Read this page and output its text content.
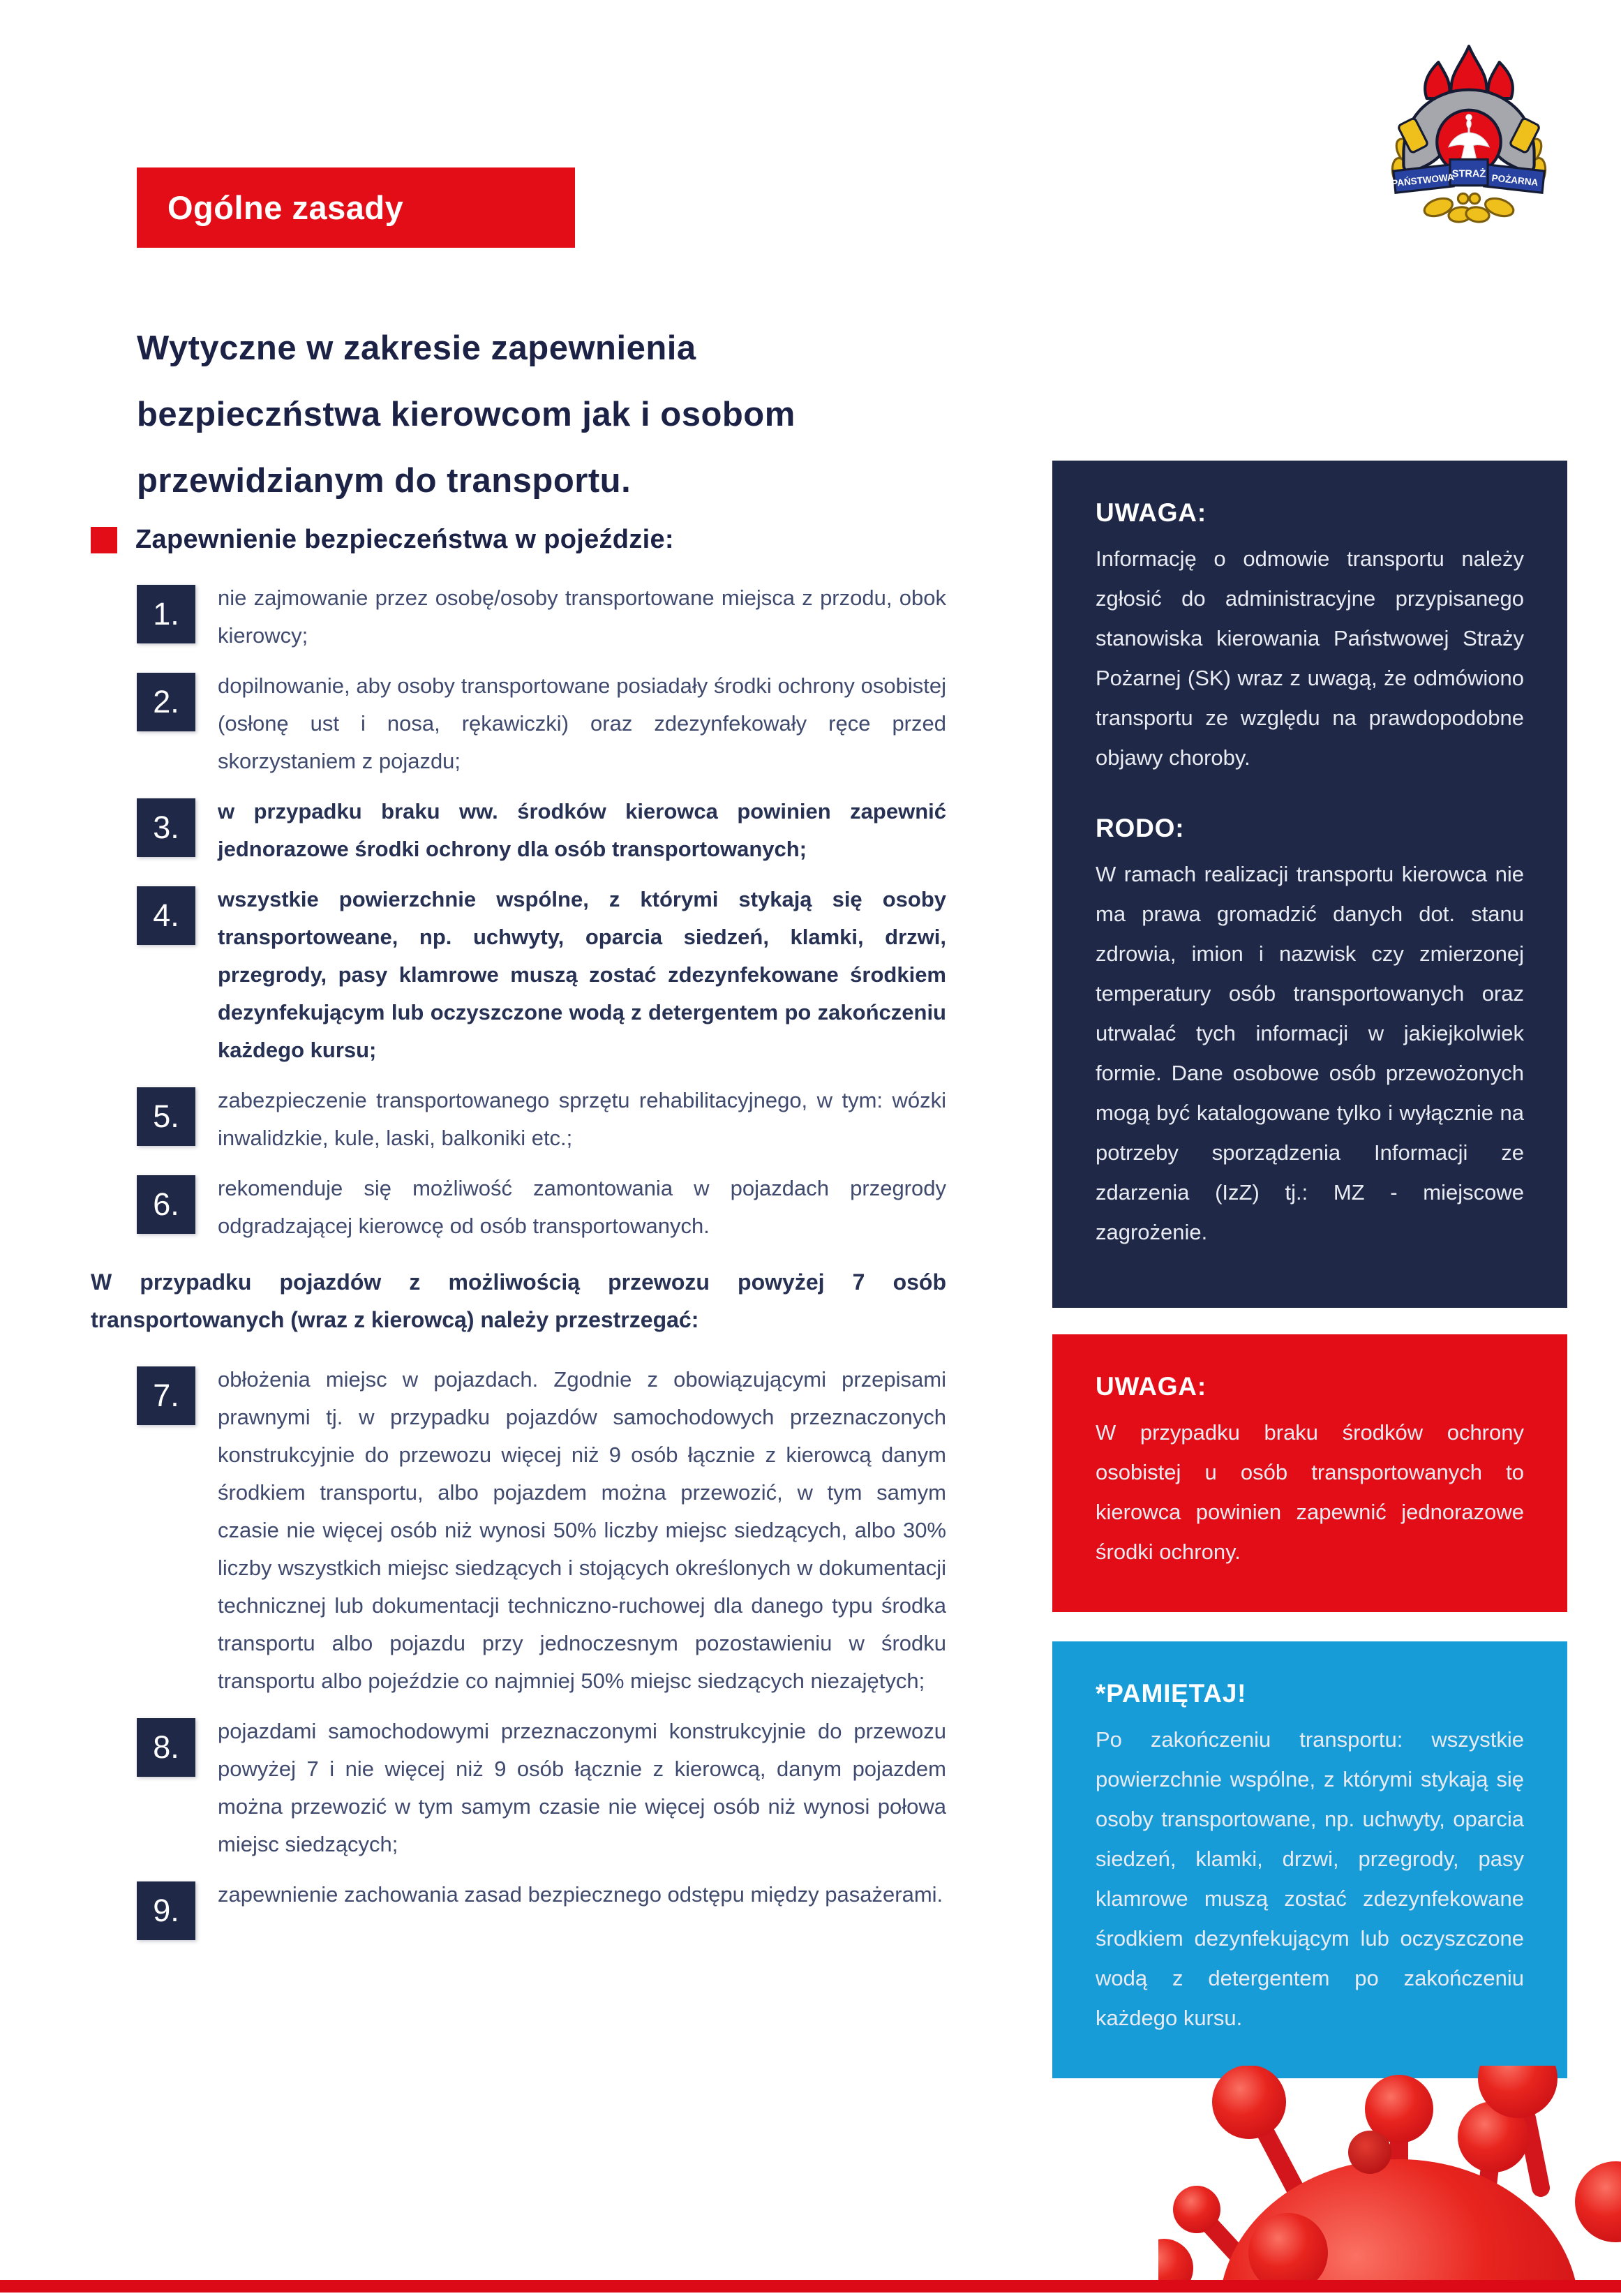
Ogólne zasady
PAŃSTWOWA
STRAŻ POŻARNA
Wytyczne w zakresie zapewnienia
bezpieczństwa kierowcom jak i osobom
przewidzianym do transportu.
Zapewnienie bezpieczeństwa w pojeździe:
1.	nie zajmowanie przez osobę/osoby transportowane miejsca z przodu, obok kierowcy;
2.	dopilnowanie, aby osoby transportowane posiadały środki ochrony osobistej (osłonę ust i nosa, rękawiczki) oraz zdezynfekowały ręce przed skorzystaniem z pojazdu;
3.	w przypadku braku ww. środków kierowca powinien zapewnić jednorazowe środki ochrony dla osób transportowanych;
4.	wszystkie powierzchnie wspólne, z którymi stykają się osoby transportoweane, np. uchwyty, oparcia siedzeń, klamki, drzwi, przegrody, pasy klamrowe muszą zostać zdezynfekowane środkiem dezynfekującym lub oczyszczone wodą z detergentem po zakończeniu każdego kursu;
5.	zabezpieczenie transportowanego sprzętu rehabilitacyjnego, w tym: wózki inwalidzkie, kule, laski, balkoniki etc.;
6.	rekomenduje się możliwość zamontowania w pojazdach przegrody odgradzającej kierowcę od osób transportowanych.
W przypadku pojazdów z możliwością przewozu powyżej 7 osób transportowanych (wraz z kierowcą) należy przestrzegać:
7.	obłożenia miejsc w pojazdach. Zgodnie z obowiązującymi przepisami prawnymi tj. w przypadku pojazdów samochodowych przeznaczonych konstrukcyjnie do przewozu więcej niż 9 osób łącznie z kierowcą danym środkiem transportu, albo pojazdem można przewozić, w tym samym czasie nie więcej osób niż wynosi 50% liczby miejsc siedzących, albo 30% liczby wszystkich miejsc siedzących i stojących określonych w dokumentacji technicznej lub dokumentacji techniczno-ruchowej dla danego typu środka transportu albo pojazdu przy jednoczesnym pozostawieniu w środku transportu albo pojeździe co najmniej 50% miejsc siedzących niezajętych;
8.	pojazdami samochodowymi przeznaczonymi konstrukcyjnie do przewozu powyżej 7 i nie więcej niż 9 osób łącznie z kierowcą, danym pojazdem można przewozić w tym samym czasie nie więcej osób niż wynosi połowa miejsc siedzących;
9.	zapewnienie zachowania zasad bezpiecznego odstępu między pasażerami.
UWAGA:

Informację o odmowie transportu należy zgłosić do administracyjne przypisanego stanowiska kierowania Państwowej Straży Pożarnej (SK) wraz z uwagą, że odmówiono transportu ze względu na prawdopodobne objawy choroby.

RODO:

W ramach realizacji transportu kierowca nie ma prawa gromadzić danych dot. stanu zdrowia, imion i nazwisk czy zmierzonej temperatury osób transportowanych oraz utrwalać tych informacji w jakiejkolwiek formie. Dane osobowe osób przewożonych mogą być katalogowane tylko i wyłącznie na potrzeby sporządzenia Informacji ze zdarzenia (IzZ) tj.: MZ - miejscowe zagrożenie.

UWAGA:

W przypadku braku środków ochrony osobistej u osób transportowanych to kierowca powinien zapewnić jednorazowe środki ochrony.

*PAMIĘTAJ!

Po zakończeniu transportu: wszystkie powierzchnie wspólne, z którymi stykają się osoby transportowane, np. uchwyty, oparcia siedzeń, klamki, drzwi, przegrody, pasy klamrowe muszą zostać zdezynfekowane środkiem dezynfekującym lub oczyszczone wodą z detergentem po zakończeniu każdego kursu.
